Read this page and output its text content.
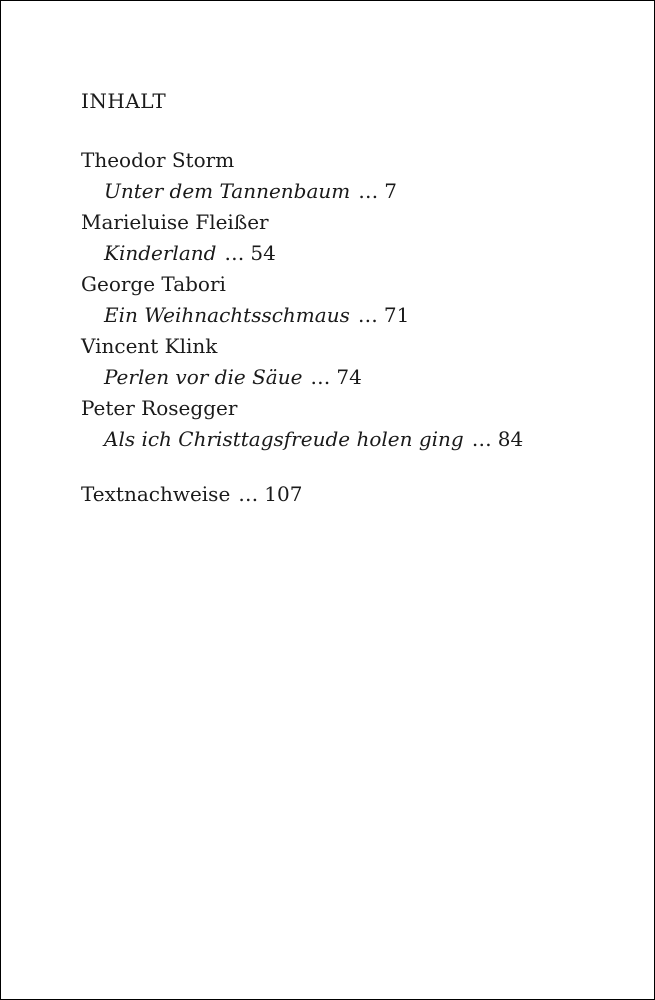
INHALT
Theodor Storm
Unter dem Tannenbaum … 7
Marieluise Fleißer
Kinderland … 54
George Tabori
Ein Weihnachtsschmaus … 71
Vincent Klink
Perlen vor die Säue … 74
Peter Rosegger
Als ich Christtagsfreude holen ging … 84
Textnachweise … 107
